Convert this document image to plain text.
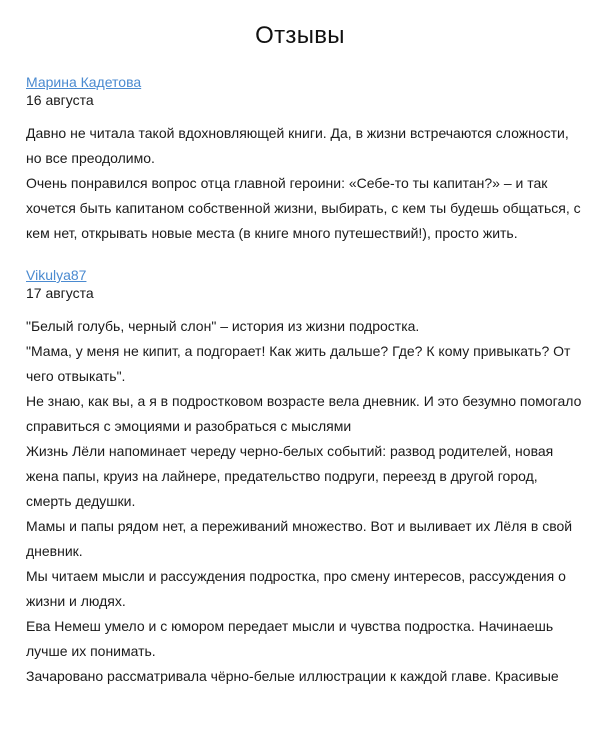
Отзывы
Марина Кадетова
16 августа

Давно не читала такой вдохновляющей книги. Да, в жизни встречаются сложности, но все преодолимо.

Очень понравился вопрос отца главной героини: «Себе-то ты капитан?» – и так хочется быть капитаном собственной жизни, выбирать, с кем ты будешь общаться, с кем нет, открывать новые места (в книге много путешествий!), просто жить.

Vikulya87
17 августа

"Белый голубь, черный слон" – история из жизни подростка.

"Мама, у меня не кипит, а подгорает! Как жить дальше? Где? К кому привыкать? От чего отвыкать".

Не знаю, как вы, а я в подростковом возрасте вела дневник. И это безумно помогало справиться с эмоциями и разобраться с мыслями

Жизнь Лёли напоминает череду черно-белых событий: развод родителей, новая жена папы, круиз на лайнере, предательство подруги, переезд в другой город, смерть дедушки.

Мамы и папы рядом нет, а переживаний множество. Вот и выливает их Лёля в свой дневник.

Мы читаем мысли и рассуждения подростка, про смену интересов, рассуждения о жизни и людях.

Ева Немеш умело и с юмором передает мысли и чувства подростка. Начинаешь лучше их понимать.

Зачаровано рассматривала чёрно-белые иллюстрации к каждой главе. Красивые
